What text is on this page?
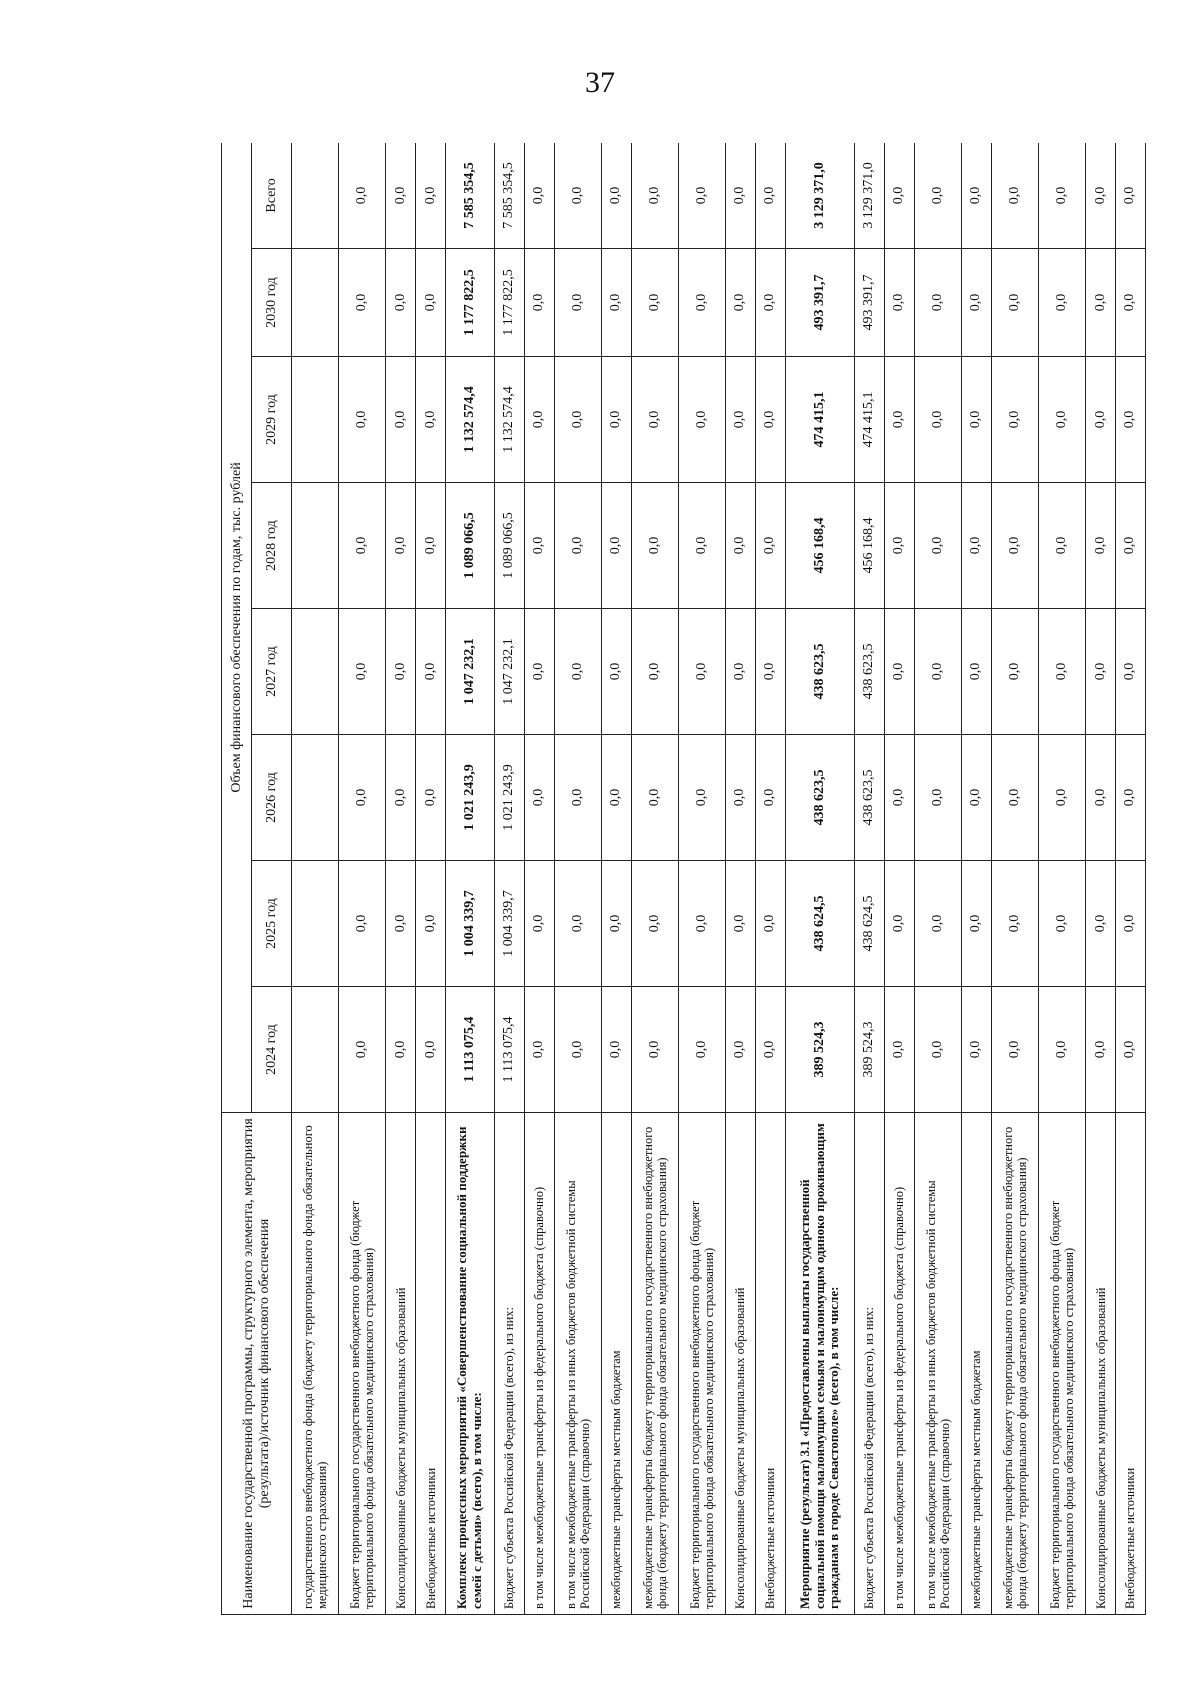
37
Наименование государственной программы, структурного элемента, мероприятия (результата)/источник финансового обеспечения	Объем финансового обеспечения по годам, тыс. рублей							
	2024 год	2025 год	2026 год	2027 год	2028 год	2029 год	2030 год	Всего
государственного внебюджетного фонда (бюджету территориального фонда обязательного медицинского страхования)								
Бюджет территориального государственного внебюджетного фонда (бюджет территориального фонда обязательного медицинского страхования)	0,0	0,0	0,0	0,0	0,0	0,0	0,0	0,0
Консолидированные бюджеты муниципальных образований	0,0	0,0	0,0	0,0	0,0	0,0	0,0	0,0
Внебюджетные источники	0,0	0,0	0,0	0,0	0,0	0,0	0,0	0,0
Комплекс процессных мероприятий «Совершенствование социальной поддержки семей с детьми» (всего), в том числе:	1 113 075,4	1 004 339,7	1 021 243,9	1 047 232,1	1 089 066,5	1 132 574,4	1 177 822,5	7 585 354,5
Бюджет субъекта Российской Федерации (всего), из них:	1 113 075,4	1 004 339,7	1 021 243,9	1 047 232,1	1 089 066,5	1 132 574,4	1 177 822,5	7 585 354,5
в том числе межбюджетные трансферты из федерального бюджета (справочно)	0,0	0,0	0,0	0,0	0,0	0,0	0,0	0,0
в том числе межбюджетные трансферты из иных бюджетов бюджетной системы Российской Федерации (справочно)	0,0	0,0	0,0	0,0	0,0	0,0	0,0	0,0
межбюджетные трансферты местным бюджетам	0,0	0,0	0,0	0,0	0,0	0,0	0,0	0,0
межбюджетные трансферты бюджету территориального государственного внебюджетного фонда (бюджету территориального фонда обязательного медицинского страхования)	0,0	0,0	0,0	0,0	0,0	0,0	0,0	0,0
Бюджет территориального государственного внебюджетного фонда (бюджет территориального фонда обязательного медицинского страхования)	0,0	0,0	0,0	0,0	0,0	0,0	0,0	0,0
Консолидированные бюджеты муниципальных образований	0,0	0,0	0,0	0,0	0,0	0,0	0,0	0,0
Внебюджетные источники	0,0	0,0	0,0	0,0	0,0	0,0	0,0	0,0
Мероприятие (результат) 3.1 «Предоставлены выплаты государственной социальной помощи малоимущим семьям и малоимущим одиноко проживающим гражданам в городе Севастополе» (всего), в том числе:	389 524,3	438 624,5	438 623,5	438 623,5	456 168,4	474 415,1	493 391,7	3 129 371,0
Бюджет субъекта Российской Федерации (всего), из них:	389 524,3	438 624,5	438 623,5	438 623,5	456 168,4	474 415,1	493 391,7	3 129 371,0
в том числе межбюджетные трансферты из федерального бюджета (справочно)	0,0	0,0	0,0	0,0	0,0	0,0	0,0	0,0
в том числе межбюджетные трансферты из иных бюджетов бюджетной системы Российской Федерации (справочно)	0,0	0,0	0,0	0,0	0,0	0,0	0,0	0,0
межбюджетные трансферты местным бюджетам	0,0	0,0	0,0	0,0	0,0	0,0	0,0	0,0
межбюджетные трансферты бюджету территориального государственного внебюджетного фонда (бюджету территориального фонда обязательного медицинского страхования)	0,0	0,0	0,0	0,0	0,0	0,0	0,0	0,0
Бюджет территориального государственного внебюджетного фонда (бюджет территориального фонда обязательного медицинского страхования)	0,0	0,0	0,0	0,0	0,0	0,0	0,0	0,0
Консолидированные бюджеты муниципальных образований	0,0	0,0	0,0	0,0	0,0	0,0	0,0	0,0
Внебюджетные источники	0,0	0,0	0,0	0,0	0,0	0,0	0,0	0,0
